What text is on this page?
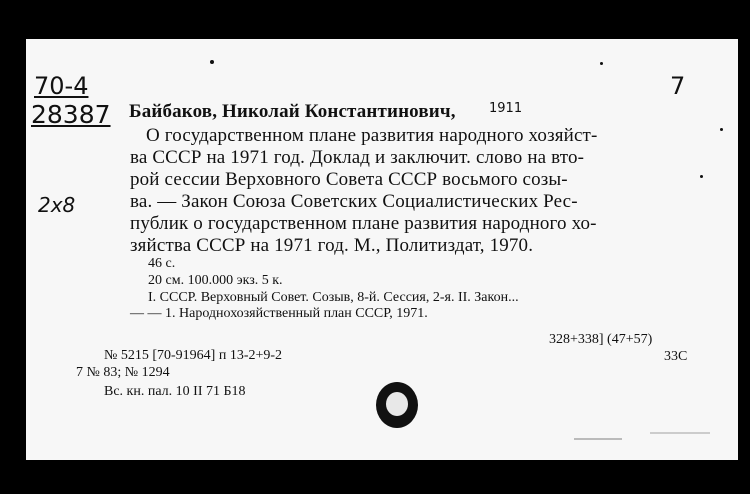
70-4
28387
7
2x8
1911
Байбаков, Николай Константинович,
О государственном плане развития народного хозяйст-
ва СССР на 1971 год. Доклад и заключит. слово на вто-
рой сессии Верховного Совета СССР восьмого созы-
ва. — Закон Союза Советских Социалистических Рес-
публик о государственном плане развития народного хо-
зяйства СССР на 1971 год. М., Политиздат, 1970.
46 с.
20 см. 100.000 экз. 5 к.
I. СССР. Верховный Совет. Созыв, 8-й. Сессия, 2-я. II. Закон...
— — 1. Народнохозяйственный план СССР, 1971.
328+338] (47+57)
33С
№ 5215 [70-91964] п 13-2+9-2
7 № 83; № 1294
Вс. кн. пал. 10 II 71 Б18
